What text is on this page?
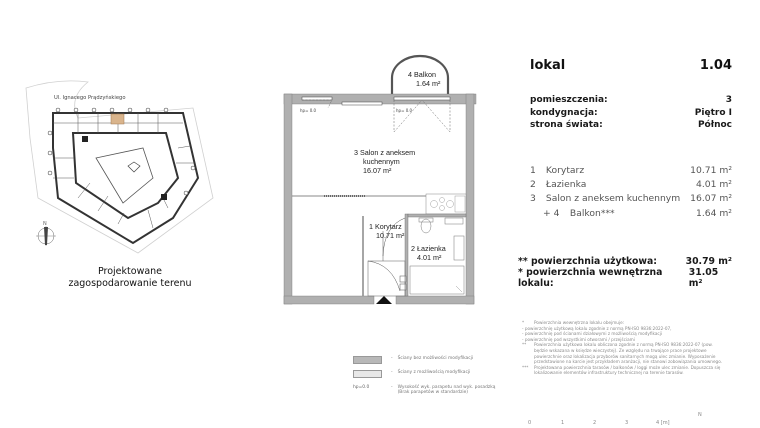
N
Ul. Ignacego Prądzyńskiego
Projektowane
zagospodarowanie terenu
4 Balkon
1.64 m²
3 Salon z aneksem
kuchennym
16.07 m²
1 Korytarz
10.71 m²
2 Łazienka
4.01 m²
hp= 0.0	hp= 0.0
- Ściany bez możliwości modyfikacji
- Ściany z możliwością modyfikacji
hp=0.0	- Wysokość wyk. parapetu nad wyk. posadzką
(Brak parapetów w standardzie)
lokal	1.04
pomieszczenia:	3
kondygnacja:	Piętro I
strona świata:	Północ
1 Korytarz	10.71 m²
2 Łazienka	4.01 m²
3 Salon z aneksem kuchennym 16.07 m²
+ 4 Balkon***	1.64 m²
** powierzchnia użytkowa:	30.79 m²
* powierzchnia wewnętrzna lokalu:
31.05 m²
*	Powierzchnia wewnętrzna lokalu obejmuje:
- powierzchnię użytkową lokalu zgodnie z normą PN-ISO 9836:2022-07,
- powierzchnię pod ścianami działowymi z możliwością modyfikacji
- powierzchnię pod wszystkimi otworami / przejściami
**	Powierzchnia użytkowa lokalu obliczona zgodnie z normą PN-ISO 9836:2022-07 (pow. będzie wskazana w księdze wieczystej). Ze względu na trwające prace projektowe powierzchnie oraz lokalizacja przyborów sanitarnych mogą ulec zmianie. Wyposażenie przedstawione na karcie jest przykładem aranżacji, nie stanowi zobowiązania umownego.
***	Projektowana powierzchnia tarasów / balkonów / loggi może ulec zmianie. Dopuszcza się lokalizowanie elementów infrastruktury technicznej na terenie tarasów.
0	1	2	3	4 [m]
N
